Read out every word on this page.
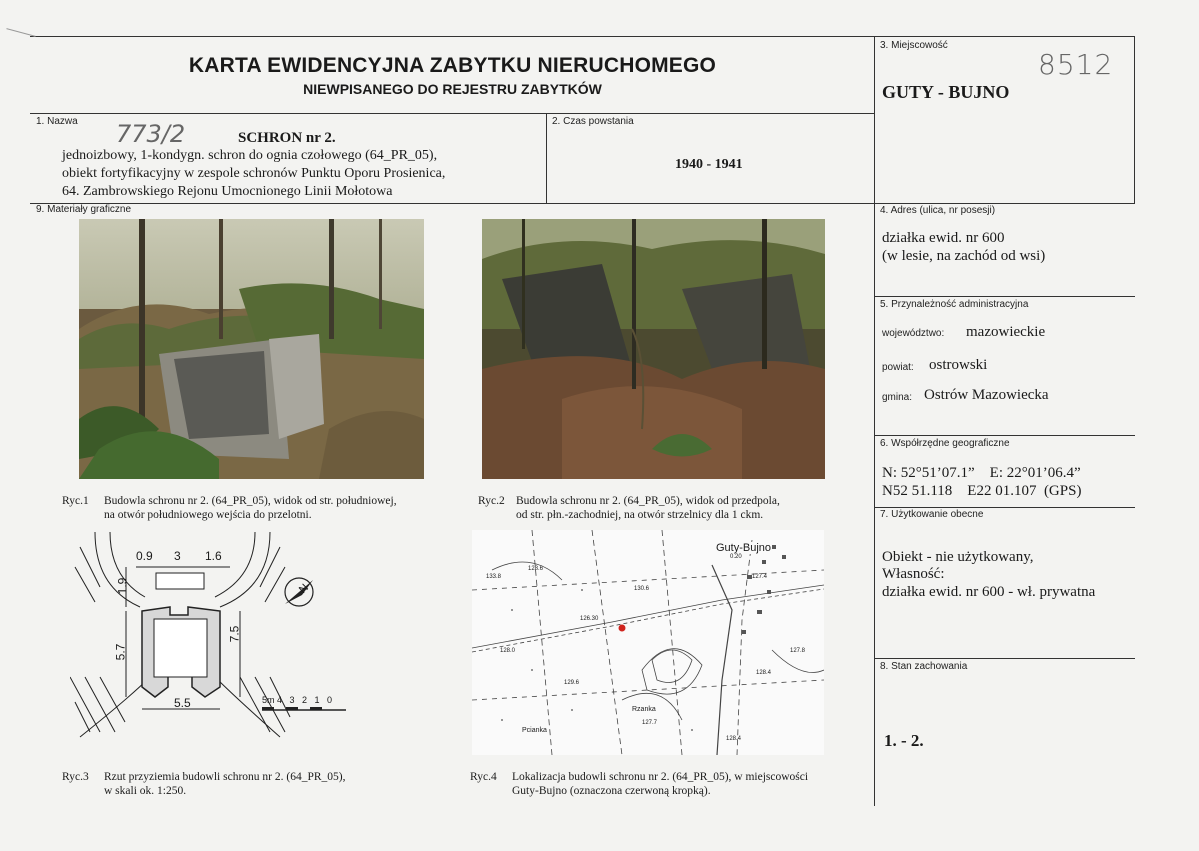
KARTA EWIDENCYJNA ZABYTKU NIERUCHOMEGO
NIEWPISANEGO DO REJESTRU ZABYTKÓW
3. Miejscowość
8512
GUTY - BUJNO
1. Nazwa 773/2	SCHRON nr 2.
jednoizbowy, 1-kondygn. schron do ognia czołowego (64_PR_05),
obiekt fortyfikacyjny w zespole schronów Punktu Oporu Prosienica,
64. Zambrowskiego Rejonu Umocnionego Linii Mołotowa
2. Czas powstania
1940 - 1941
9. Materiały graficzne	4. Adres (ulica, nr posesji)
działka ewid. nr 600
(w lesie, na zachód od wsi)
5. Przynależność administracyjna
województwo: mazowieckie
powiat: ostrowski
gmina: Ostrów Mazowiecka
6. Współrzędne geograficzne
N: 52°51’07.1”    E: 22°01’06.4”
N52 51.118    E22 01.107  (GPS)
7. Użytkowanie obecne
Obiekt - nie użytkowany,
Własność:
działka ewid. nr 600 - wł. prywatna
8. Stan zachowania
1. - 2.
Ryc.1 Budowla schronu nr 2. (64_PR_05), widok od str. południowej,
na otwór południowego wejścia do przelotni.
Ryc.2 Budowla schronu nr 2. (64_PR_05), widok od przedpola,
od str. płn.-zachodniej, na otwór strzelnicy dla 1 ckm.
0.9 3 1.6
1.9
5.7
7.5
5.5
N
5m 4   3   2   1   0
Guty-Bujno
0.20
133.8
128.6
130.6
126.30
129.6
128.0
127.4
128.4
Rzanka
Pcianka
127.7
128.4
127.8
Ryc.3 Rzut przyziemia budowli schronu nr 2. (64_PR_05),
w skali ok. 1:250.
Ryc.4 Lokalizacja budowli schronu nr 2. (64_PR_05), w miejscowości
Guty-Bujno (oznaczona czerwoną kropką).
